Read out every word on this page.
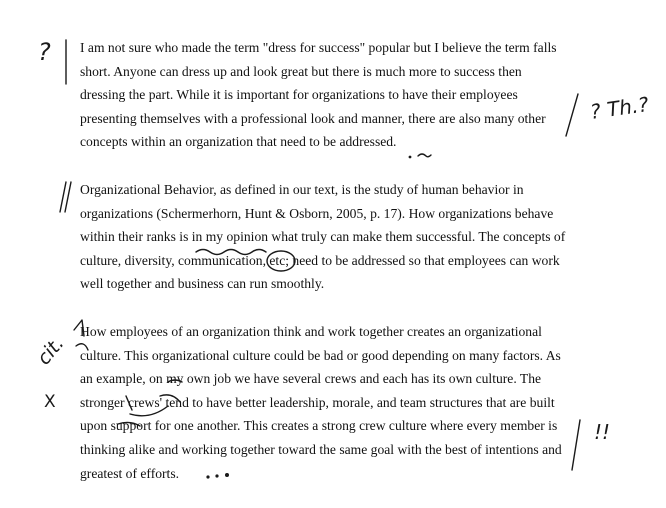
I am not sure who made the term "dress for success" popular but I believe the term falls
short. Anyone can dress up and look great but there is much more to success then
dressing the part. While it is important for organizations to have their employees
presenting themselves with a professional look and manner, there are also many other
concepts within an organization that need to be addressed.
Organizational Behavior, as defined in our text, is the study of human behavior in
organizations (Schermerhorn, Hunt & Osborn, 2005, p. 17). How organizations behave
within their ranks is in my opinion what truly can make them successful. The concepts of
culture, diversity, communication, etc; need to be addressed so that employees can work
well together and business can run smoothly.
How employees of an organization think and work together creates an organizational
culture. This organizational culture could be bad or good depending on many factors. As
an example, on my own job we have several crews and each has its own culture. The
stronger crews' tend to have better leadership, morale, and team structures that are built
upon support for one another. This creates a strong crew culture where every member is
thinking alike and working together toward the same goal with the best of intentions and
greatest of efforts.
?
? Th.?
cit.
X
!!
